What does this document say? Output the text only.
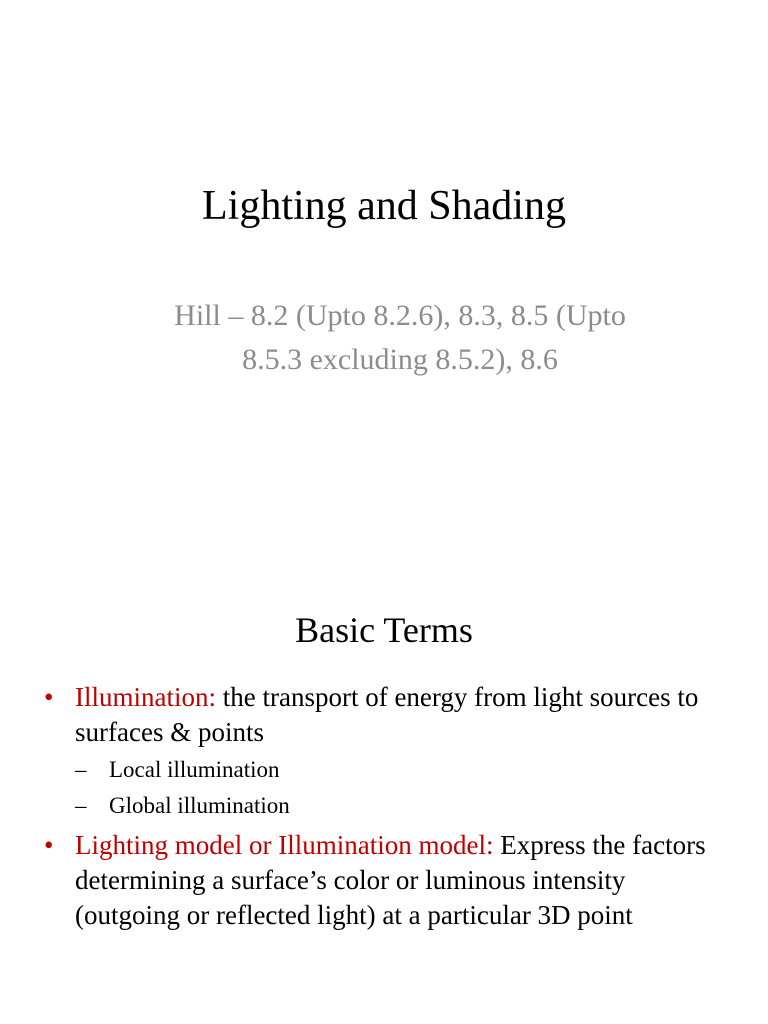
Lighting and Shading
Hill – 8.2 (Upto 8.2.6), 8.3, 8.5 (Upto
8.5.3 excluding 8.5.2), 8.6
Basic Terms
• Illumination: the transport of energy from light sources to surfaces & points
– Local illumination
– Global illumination
• Lighting model or Illumination model: Express the factors determining a surface’s color or luminous intensity (outgoing or reflected light) at a particular 3D point
